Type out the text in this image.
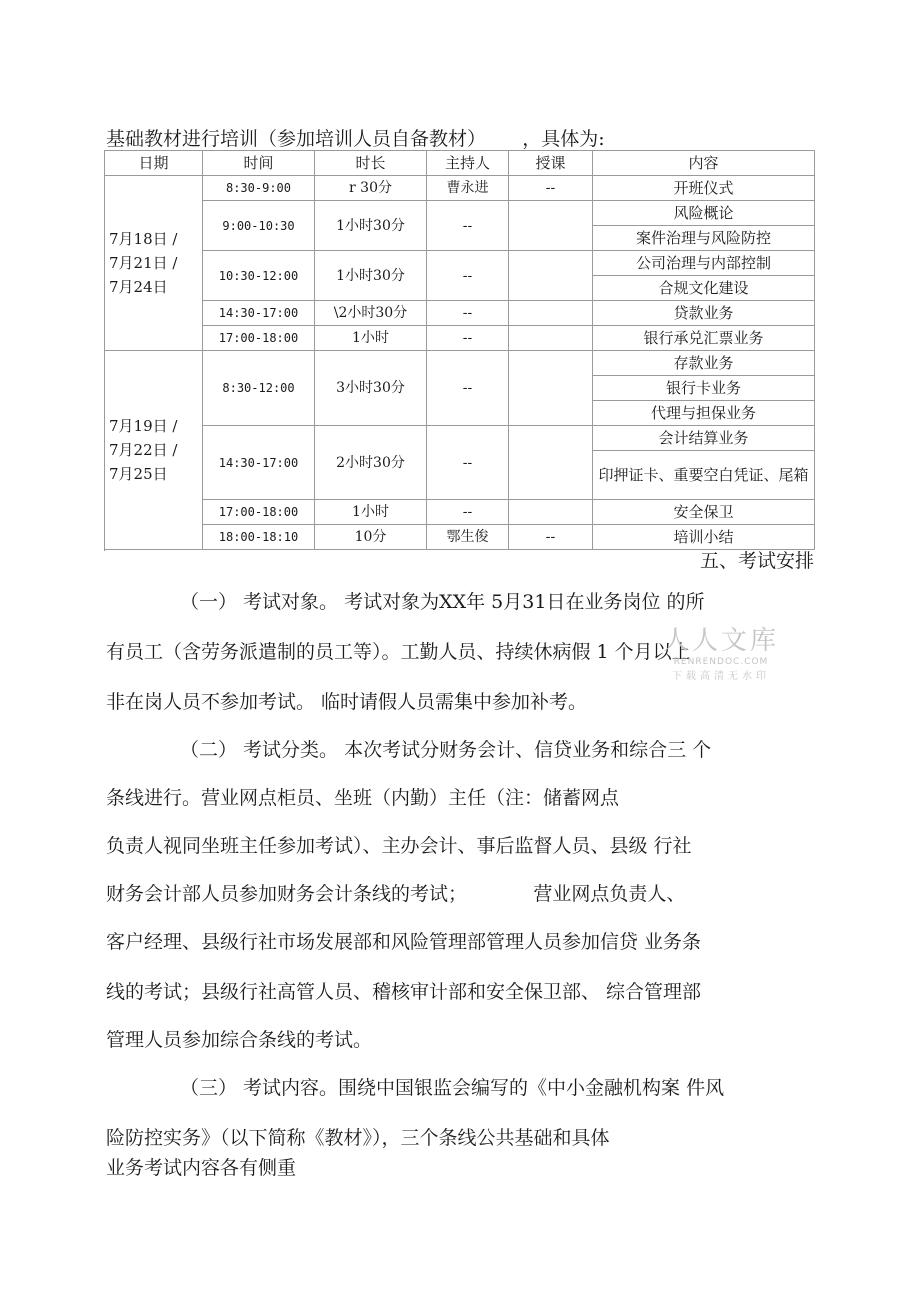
基础教材进行培训（参加培训人员自备教材）      ，具体为:
日期	时间	时长	主持人	授课	内容

7月18日 /
7月21日 /
7月24日	8:30-9:00	r 30分	曹永进	--	开班仪式
	9:00-10:30	1小时30分	--		风险概论
					案件治理与风险防控
	10:30-12:00	1小时30分	--		公司治理与内部控制
					合规文化建设
	14:30-17:00	\2小时30分	--		贷款业务
	17:00-18:00	1小时	--		银行承兑汇票业务

7月19日 /
7月22日 /
7月25日	8:30-12:00	3小时30分	--		存款业务
					银行卡业务
					代理与担保业务
	14:30-17:00	2小时30分	--		会计结算业务
					印押证卡、重要空白凭证、尾箱
	17:00-18:00	1小时	--		安全保卫
	18:00-18:10	10分	鄂生俊	--	培训小结

五、考试安排
（一） 考试对象。 考试对象为XX年 5月31日在业务岗位 的所
有员工（含劳务派遣制的员工等）。工勤人员、持续休病假 1 个月以上
非在岗人员不参加考试。 临时请假人员需集中参加补考。
（二） 考试分类。 本次考试分财务会计、信贷业务和综合三 个
条线进行。营业网点柜员、坐班（内勤）主任（注：储蓄网点
负责人视同坐班主任参加考试）、主办会计、事后监督人员、县级 行社
财务会计部人员参加财务会计条线的考试；           营业网点负责人、
客户经理、县级行社市场发展部和风险管理部管理人员参加信贷 业务条
线的考试；县级行社高管人员、稽核审计部和安全保卫部、 综合管理部
管理人员参加综合条线的考试。
（三） 考试内容。围绕中国银监会编写的《中小金融机构案 件风
险防控实务》（以下简称《教材》），三个条线公共基础和具体
业务考试内容各有侧重
人人文库
RENRENDOC.COM
下载高清无水印
